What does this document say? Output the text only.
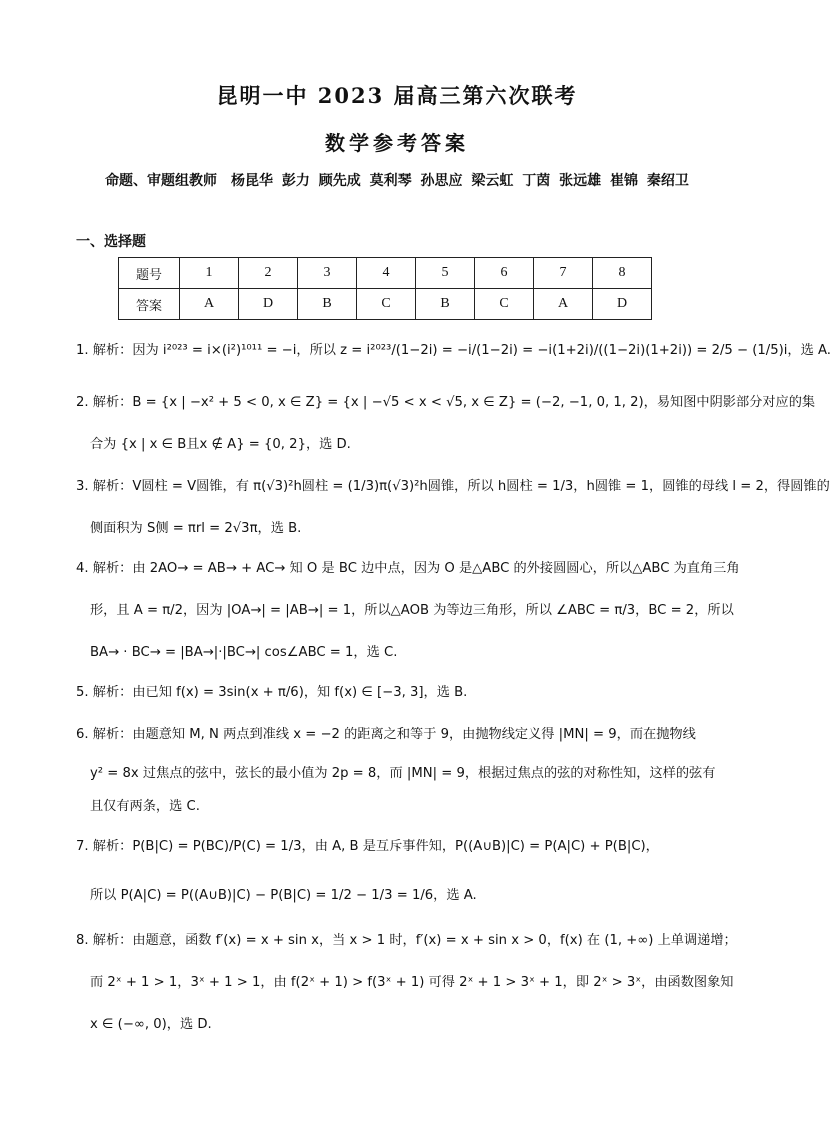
昆明一中 2023 届高三第六次联考
数学参考答案
命题、审题组教师　杨昆华 彭力 顾先成 莫利琴 孙思应 梁云虹 丁茵 张远雄 崔锦 秦绍卫
一、选择题
题号	1	2	3	4	5	6	7	8
答案	A	D	B	C	B	C	A	D
1. 解析：因为 i²⁰²³ = i×(i²)¹⁰¹¹ = −i，所以 z = i²⁰²³/(1−2i) = −i/(1−2i) = −i(1+2i)/((1−2i)(1+2i)) = 2/5 − (1/5)i，选 A.
2. 解析：B = {x | −x² + 5 < 0, x ∈ Z} = {x | −√5 < x < √5, x ∈ Z} = (−2, −1, 0, 1, 2)，易知图中阴影部分对应的集
合为 {x | x ∈ B且x ∉ A} = {0, 2}，选 D.
3. 解析：V圆柱 = V圆锥，有 π(√3)²h圆柱 = (1/3)π(√3)²h圆锥，所以 h圆柱 = 1/3，h圆锥 = 1，圆锥的母线 l = 2，得圆锥的
侧面积为 S侧 = πrl = 2√3π，选 B.
4. 解析：由 2AO→ = AB→ + AC→ 知 O 是 BC 边中点，因为 O 是△ABC 的外接圆圆心，所以△ABC 为直角三角
形，且 A = π/2，因为 |OA→| = |AB→| = 1，所以△AOB 为等边三角形，所以 ∠ABC = π/3，BC = 2，所以
BA→ · BC→ = |BA→|·|BC→| cos∠ABC = 1，选 C.
5. 解析：由已知 f(x) = 3sin(x + π/6)，知 f(x) ∈ [−3, 3]，选 B.
6. 解析：由题意知 M, N 两点到准线 x = −2 的距离之和等于 9，由抛物线定义得 |MN| = 9，而在抛物线
y² = 8x 过焦点的弦中，弦长的最小值为 2p = 8，而 |MN| = 9，根据过焦点的弦的对称性知，这样的弦有
且仅有两条，选 C.
7. 解析：P(B|C) = P(BC)/P(C) = 1/3，由 A, B 是互斥事件知，P((A∪B)|C) = P(A|C) + P(B|C)，
所以 P(A|C) = P((A∪B)|C) − P(B|C) = 1/2 − 1/3 = 1/6，选 A.
8. 解析：由题意，函数 f′(x) = x + sin x，当 x > 1 时，f′(x) = x + sin x > 0，f(x) 在 (1, +∞) 上单调递增；
而 2ˣ + 1 > 1，3ˣ + 1 > 1，由 f(2ˣ + 1) > f(3ˣ + 1) 可得 2ˣ + 1 > 3ˣ + 1，即 2ˣ > 3ˣ，由函数图象知
x ∈ (−∞, 0)，选 D.
